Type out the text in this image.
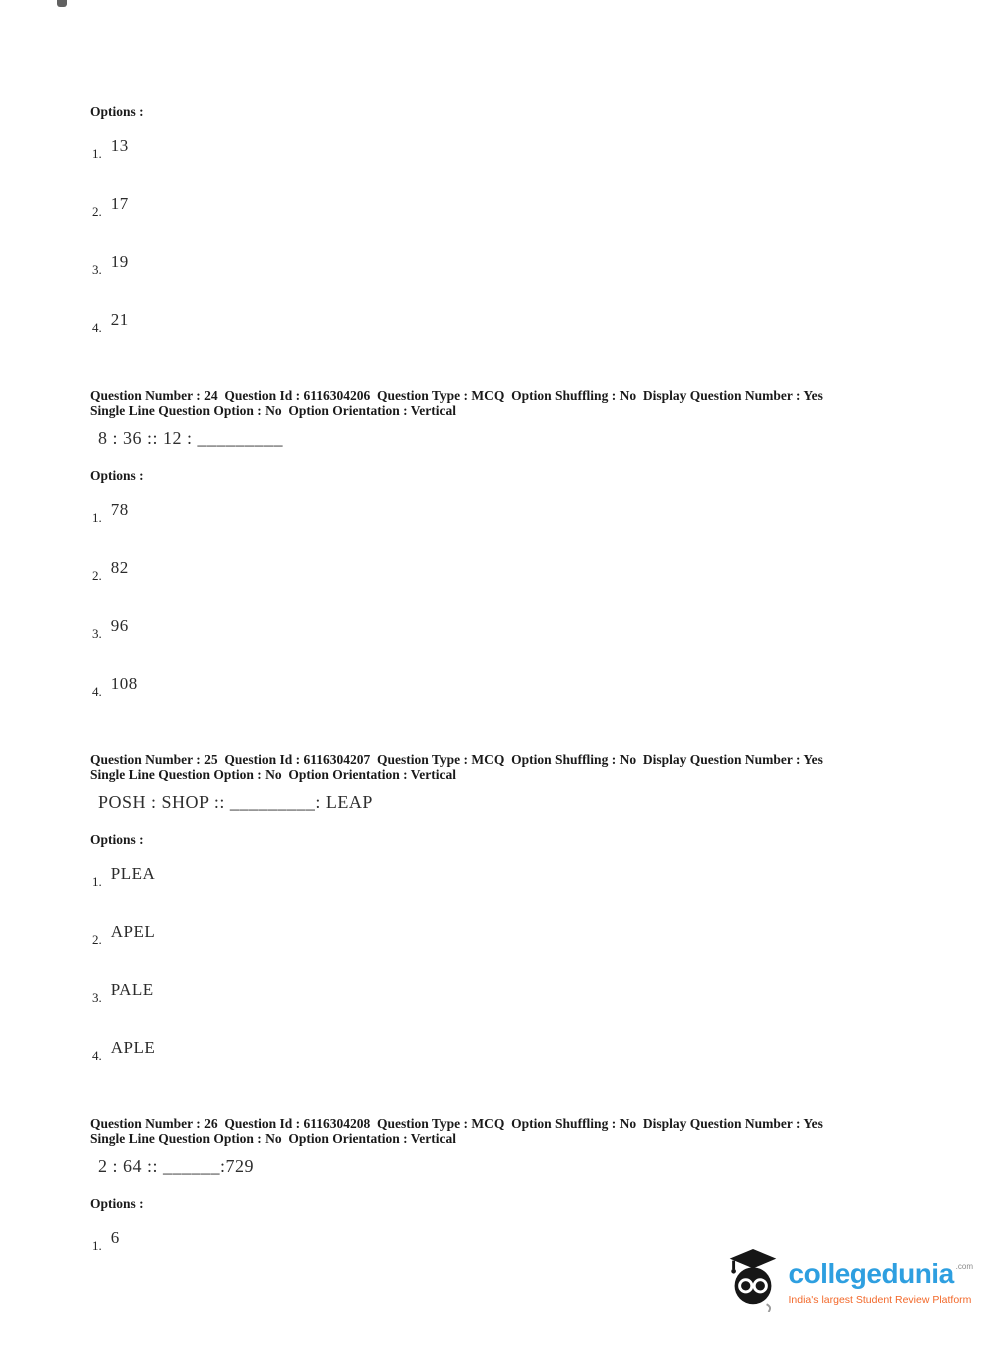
Options :
1. 13
2. 17
3. 19
4. 21
Question Number : 24  Question Id : 6116304206  Question Type : MCQ  Option Shuffling : No  Display Question Number : Yes
Single Line Question Option : No  Option Orientation : Vertical
8 : 36 :: 12 : _________
Options :
1. 78
2. 82
3. 96
4. 108
Question Number : 25  Question Id : 6116304207  Question Type : MCQ  Option Shuffling : No  Display Question Number : Yes
Single Line Question Option : No  Option Orientation : Vertical
POSH : SHOP :: _________: LEAP
Options :
1. PLEA
2. APEL
3. PALE
4. APLE
Question Number : 26  Question Id : 6116304208  Question Type : MCQ  Option Shuffling : No  Display Question Number : Yes
Single Line Question Option : No  Option Orientation : Vertical
2 : 64 :: ______:729
Options :
1. 6
collegedunia .com
India's largest Student Review Platform
